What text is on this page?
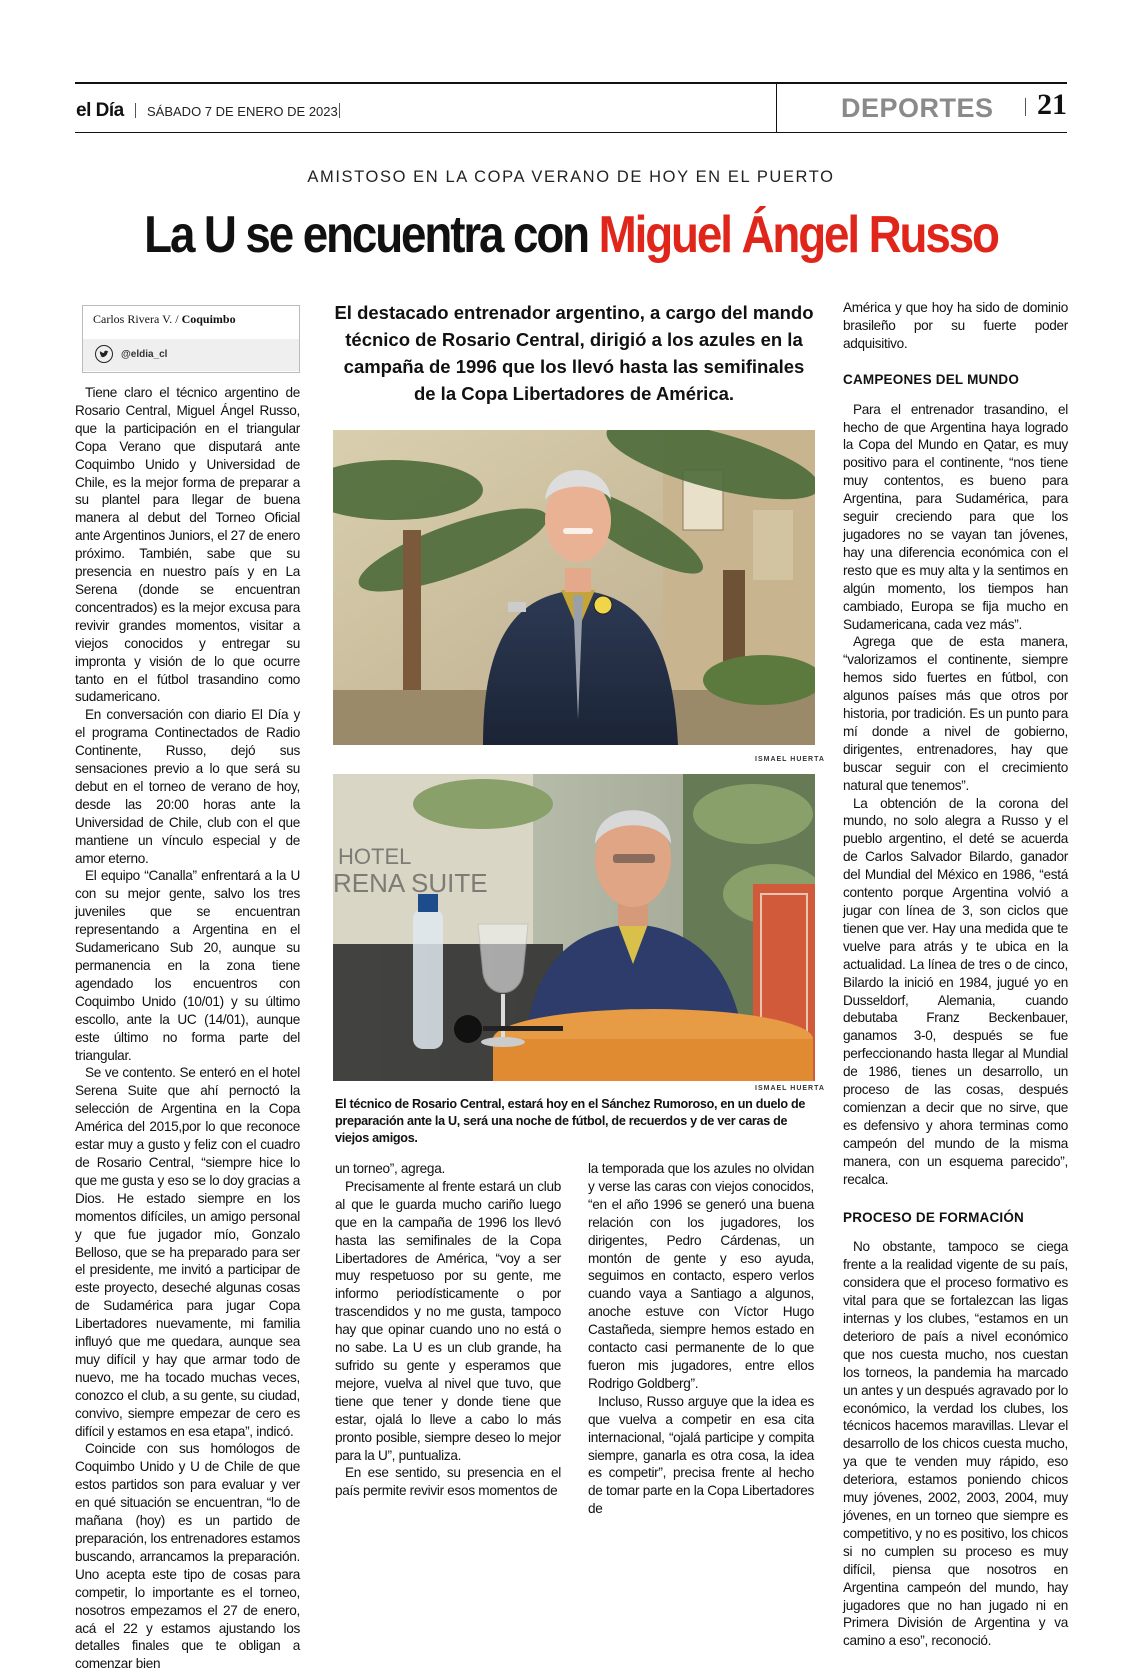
el Día SÁBADO 7 DE ENERO DE 2023	DEPORTES 21
AMISTOSO EN LA COPA VERANO DE HOY EN EL PUERTO
La U se encuentra con Miguel Ángel Russo
Carlos Rivera V. / Coquimbo
@eldia_cl
El destacado entrenador argentino, a cargo del mando técnico de Rosario Central, dirigió a los azules en la campaña de 1996 que los llevó hasta las semifinales de la Copa Libertadores de América.
ISMAEL HUERTA
HOTEL
RENA SUITE
ISMAEL HUERTA
El técnico de Rosario Central, estará hoy en el Sánchez Rumoroso, en un duelo de preparación ante la U, será una noche de fútbol, de recuerdos y de ver caras de viejos amigos.

Tiene claro el técnico argentino de Rosario Central, Miguel Ángel Russo, que la participación en el triangular Copa Verano que disputará ante Coquimbo Unido y Universidad de Chile, es la mejor forma de preparar a su plantel para llegar de buena manera al debut del Torneo Oficial ante Argentinos Juniors, el 27 de enero próximo. También, sabe que su presencia en nuestro país y en La Serena (donde se encuentran concentrados) es la mejor excusa para revivir grandes momentos, visitar a viejos conocidos y entregar su impronta y visión de lo que ocurre tanto en el fútbol trasandino como sudamericano.

En conversación con diario El Día y el programa Continectados de Radio Continente, Russo, dejó sus sensaciones previo a lo que será su debut en el torneo de verano de hoy, desde las 20:00 horas ante la Universidad de Chile, club con el que mantiene un vínculo especial y de amor eterno.

El equipo “Canalla” enfrentará a la U con su mejor gente, salvo los tres juveniles que se encuentran representando a Argentina en el Sudamericano Sub 20, aunque su permanencia en la zona tiene agendado los encuentros con Coquimbo Unido (10/01) y su último escollo, ante la UC (14/01), aunque este último no forma parte del triangular.

Se ve contento. Se enteró en el hotel Serena Suite que ahí pernoctó la selección de Argentina en la Copa América del 2015,por lo que reconoce estar muy a gusto y feliz con el cuadro de Rosario Central, “siempre hice lo que me gusta y eso se lo doy gracias a Dios. He estado siempre en los momentos difíciles, un amigo personal y que fue jugador mío, Gonzalo Belloso, que se ha preparado para ser el presidente, me invitó a participar de este proyecto, deseché algunas cosas de Sudamérica para jugar Copa Libertadores nuevamente, mi familia influyó que me quedara, aunque sea muy difícil y hay que armar todo de nuevo, me ha tocado muchas veces, conozco el club, a su gente, su ciudad, convivo, siempre empezar de cero es difícil y estamos en esa etapa”, indicó.

Coincide con sus homólogos de Coquimbo Unido y U de Chile de que estos partidos son para evaluar y ver en qué situación se encuentran, “lo de mañana (hoy) es un partido de preparación, los entrenadores estamos buscando, arrancamos la preparación. Uno acepta este tipo de cosas para competir, lo importante es el torneo, nosotros empezamos el 27 de enero, acá el 22 y estamos ajustando los detalles finales que te obligan a comenzar bien

un torneo”, agrega.

Precisamente al frente estará un club al que le guarda mucho cariño luego que en la campaña de 1996 los llevó hasta las semifinales de la Copa Libertadores de América, “voy a ser muy respetuoso por su gente, me informo periodísticamente o por trascendidos y no me gusta, tampoco hay que opinar cuando uno no está o no sabe. La U es un club grande, ha sufrido su gente y esperamos que mejore, vuelva al nivel que tuvo, que tiene que tener y donde tiene que estar, ojalá lo lleve a cabo lo más pronto posible, siempre deseo lo mejor para la U”, puntualiza.

En ese sentido, su presencia en el país permite revivir esos momentos de

la temporada que los azules no olvidan y verse las caras con viejos conocidos, “en el año 1996 se generó una buena relación con los jugadores, los dirigentes, Pedro Cárdenas, un montón de gente y eso ayuda, seguimos en contacto, espero verlos cuando vaya a Santiago a algunos, anoche estuve con Víctor Hugo Castañeda, siempre hemos estado en contacto casi permanente de lo que fueron mis jugadores, entre ellos Rodrigo Goldberg”.

Incluso, Russo arguye que la idea es que vuelva a competir en esa cita internacional, “ojalá participe y compita siempre, ganarla es otra cosa, la idea es competir”, precisa frente al hecho de tomar parte en la Copa Libertadores de

América y que hoy ha sido de dominio brasileño por su fuerte poder adquisitivo.

CAMPEONES DEL MUNDO

Para el entrenador trasandino, el hecho de que Argentina haya logrado la Copa del Mundo en Qatar, es muy positivo para el continente, “nos tiene muy contentos, es bueno para Argentina, para Sudamérica, para seguir creciendo para que los jugadores no se vayan tan jóvenes, hay una diferencia económica con el resto que es muy alta y la sentimos en algún momento, los tiempos han cambiado, Europa se fija mucho en Sudamericana, cada vez más”.

Agrega que de esta manera, “valorizamos el continente, siempre hemos sido fuertes en fútbol, con algunos países más que otros por historia, por tradición. Es un punto para mí donde a nivel de gobierno, dirigentes, entrenadores, hay que buscar seguir con el crecimiento natural que tenemos”.

La obtención de la corona del mundo, no solo alegra a Russo y el pueblo argentino, el deté se acuerda de Carlos Salvador Bilardo, ganador del Mundial del México en 1986, “está contento porque Argentina volvió a jugar con línea de 3, son ciclos que tienen que ver. Hay una medida que te vuelve para atrás y te ubica en la actualidad. La línea de tres o de cinco, Bilardo la inició en 1984, jugué yo en Dusseldorf, Alemania, cuando debutaba Franz Beckenbauer, ganamos 3-0, después se fue perfeccionando hasta llegar al Mundial de 1986, tienes un desarrollo, un proceso de las cosas, después comienzan a decir que no sirve, que es defensivo y ahora terminas como campeón del mundo de la misma manera, con un esquema parecido”, recalca.

PROCESO DE FORMACIÓN

No obstante, tampoco se ciega frente a la realidad vigente de su país, considera que el proceso formativo es vital para que se fortalezcan las ligas internas y los clubes, “estamos en un deterioro de país a nivel económico que nos cuesta mucho, nos cuestan los torneos, la pandemia ha marcado un antes y un después agravado por lo económico, la verdad los clubes, los técnicos hacemos maravillas. Llevar el desarrollo de los chicos cuesta mucho, ya que te venden muy rápido, eso deteriora, estamos poniendo chicos muy jóvenes, 2002, 2003, 2004, muy jóvenes, en un torneo que siempre es competitivo, y no es positivo, los chicos si no cumplen su proceso es muy difícil, piensa que nosotros en Argentina campeón del mundo, hay jugadores que no han jugado ni en Primera División de Argentina y va camino a eso”, reconoció.
